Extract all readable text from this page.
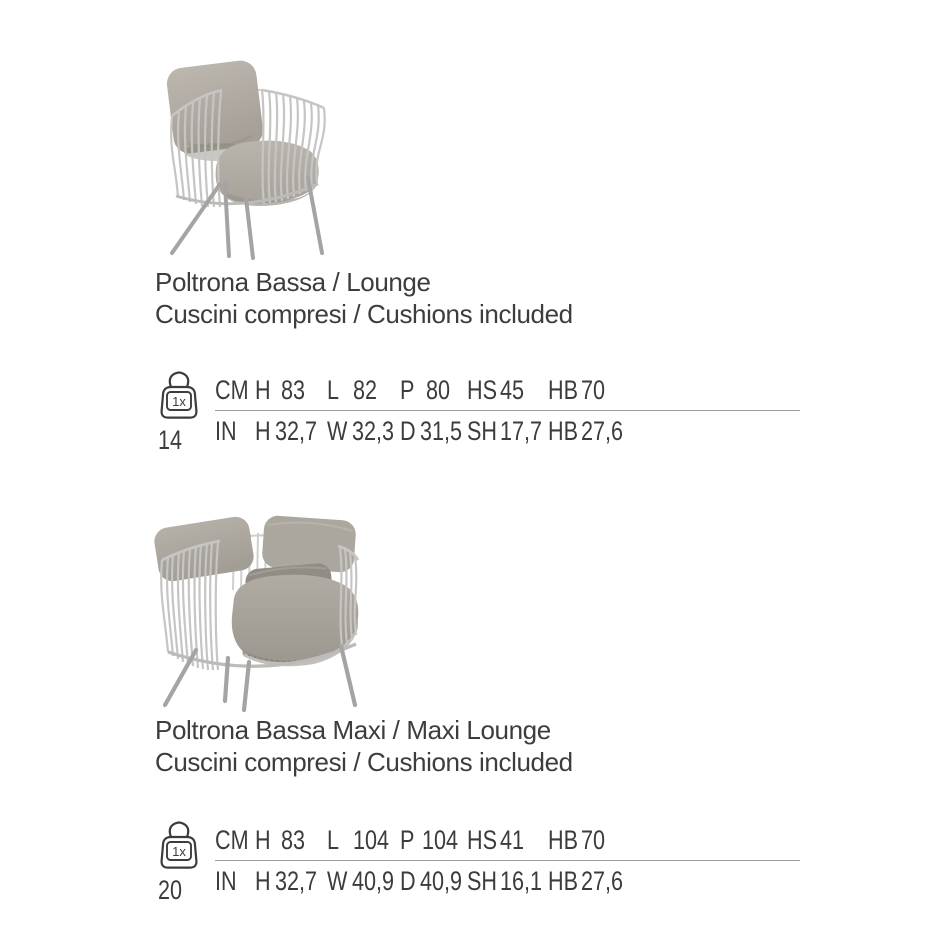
Poltrona Bassa / Lounge
Cuscini compresi / Cushions included
1x
14
CM H 83 L 82 P 80 HS 45 HB 70
IN H 32,7 W 32,3 D 31,5 SH 17,7 HB 27,6
Poltrona Bassa Maxi / Maxi Lounge
Cuscini compresi / Cushions included
1x
20
CM H 83 L 104 P 104 HS 41 HB 70
IN H 32,7 W 40,9 D 40,9 SH 16,1 HB 27,6
